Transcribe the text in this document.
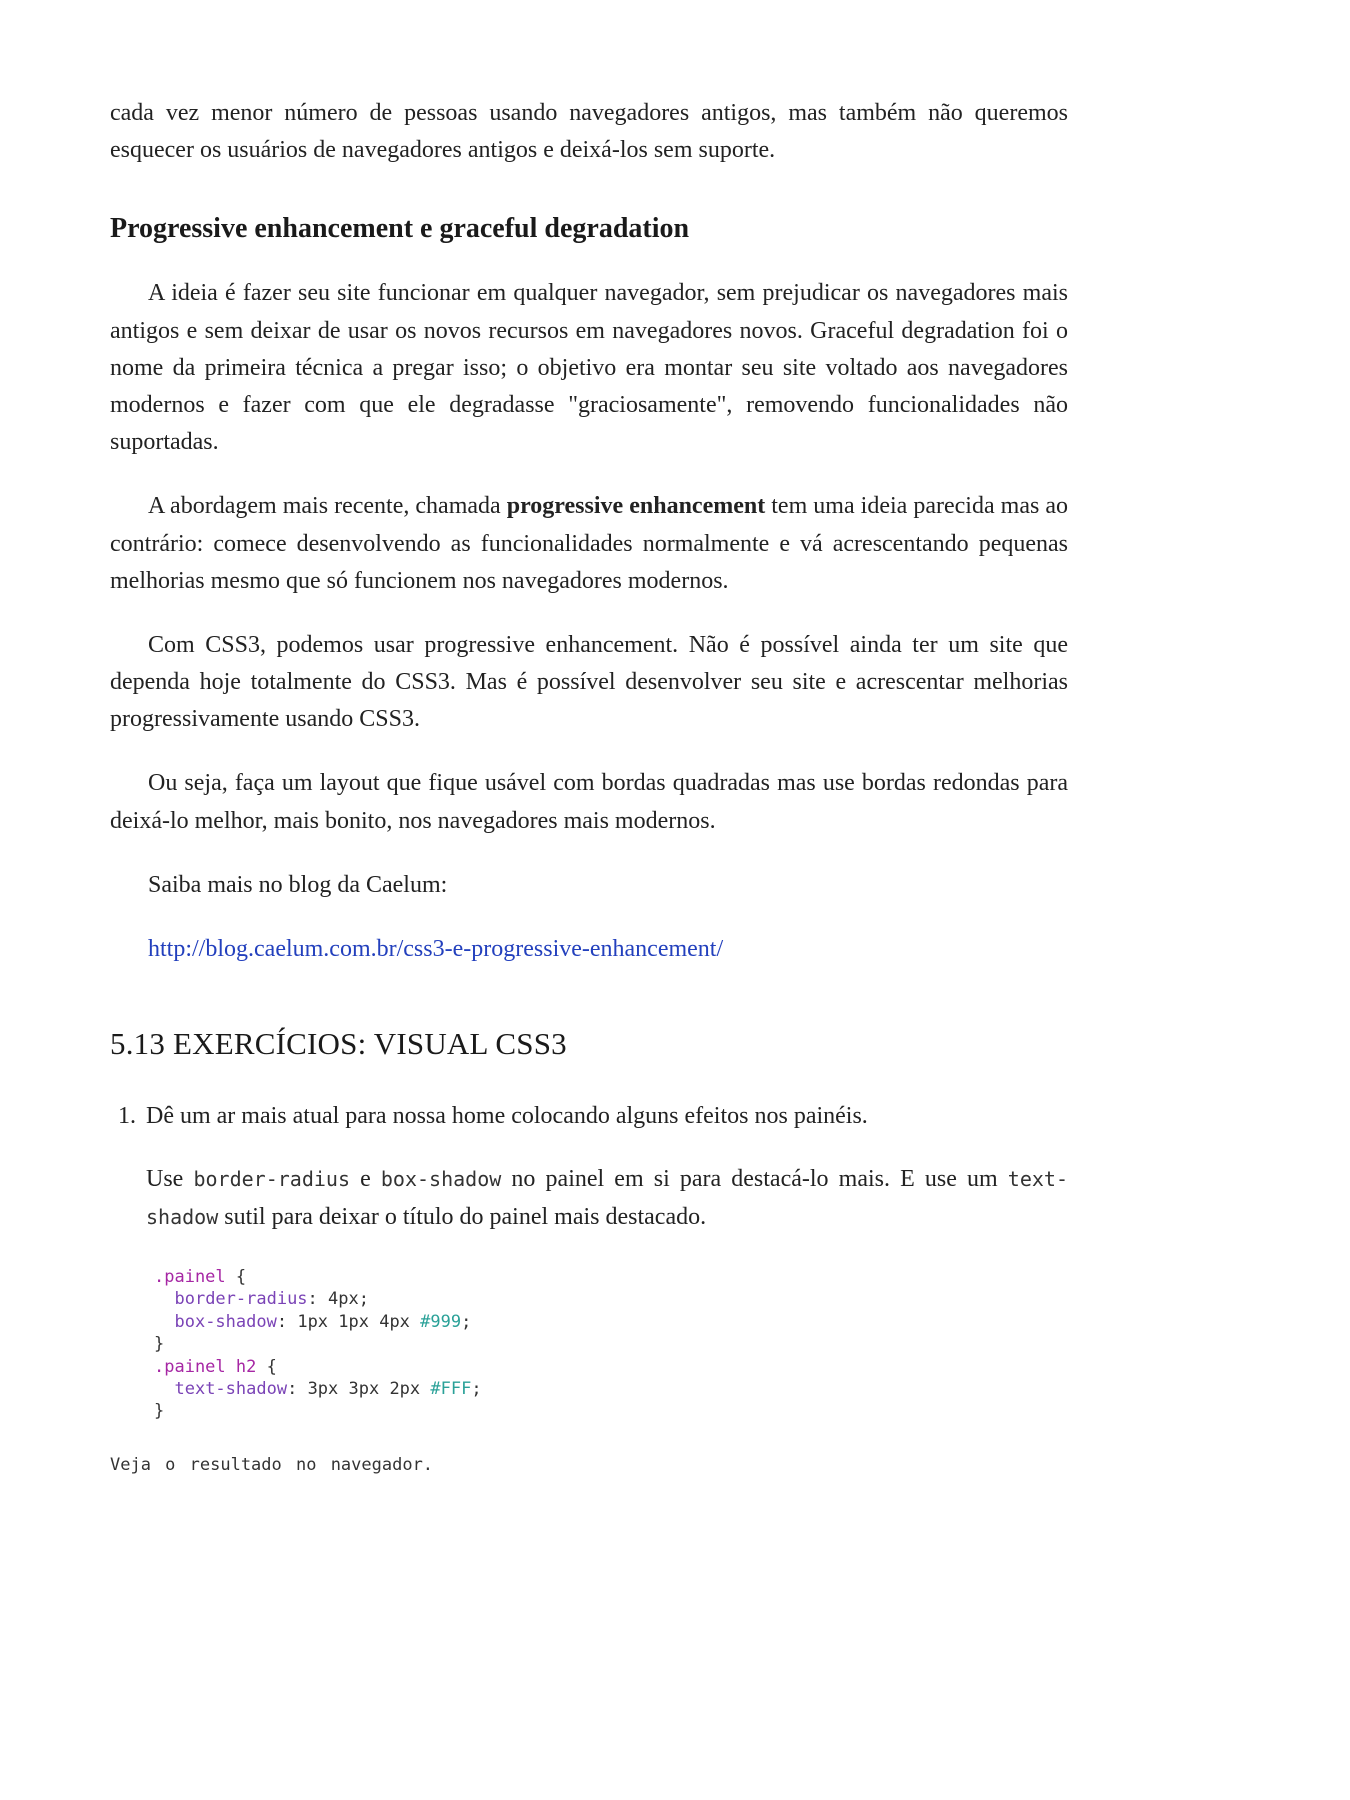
cada vez menor número de pessoas usando navegadores antigos, mas também não queremos esquecer os usuários de navegadores antigos e deixá-los sem suporte.

Progressive enhancement e graceful degradation

A ideia é fazer seu site funcionar em qualquer navegador, sem prejudicar os navegadores mais antigos e sem deixar de usar os novos recursos em navegadores novos. Graceful degradation foi o nome da primeira técnica a pregar isso; o objetivo era montar seu site voltado aos navegadores modernos e fazer com que ele degradasse "graciosamente", removendo funcionalidades não suportadas.

A abordagem mais recente, chamada progressive enhancement tem uma ideia parecida mas ao contrário: comece desenvolvendo as funcionalidades normalmente e vá acrescentando pequenas melhorias mesmo que só funcionem nos navegadores modernos.

Com CSS3, podemos usar progressive enhancement. Não é possível ainda ter um site que dependa hoje totalmente do CSS3. Mas é possível desenvolver seu site e acrescentar melhorias progressivamente usando CSS3.

Ou seja, faça um layout que fique usável com bordas quadradas mas use bordas redondas para deixá-lo melhor, mais bonito, nos navegadores mais modernos.

Saiba mais no blog da Caelum:

http://blog.caelum.com.br/css3-e-progressive-enhancement/

5.13 EXERCÍCIOS: VISUAL CSS3
1. Dê um ar mais atual para nossa home colocando alguns efeitos nos painéis.

Use border-radius e box-shadow no painel em si para destacá-lo mais. E use um text-shadow sutil para deixar o título do painel mais destacado.

.painel {
border-radius: 4px;
box-shadow: 1px 1px 4px #999;
}
.painel h2 {
text-shadow: 3px 3px 2px #FFF;
}
Veja o resultado no navegador.
